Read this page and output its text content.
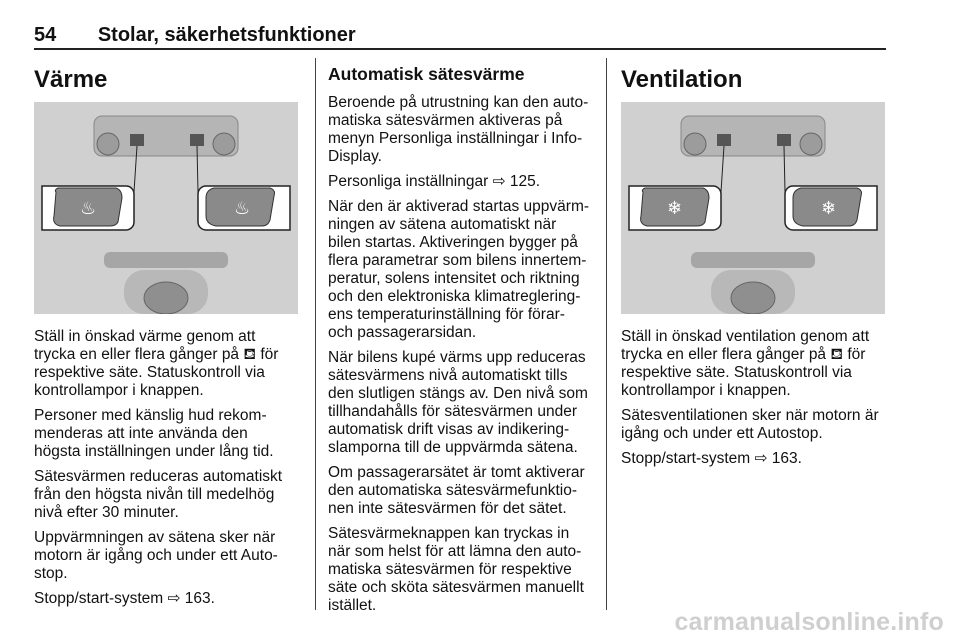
54 Stolar, säkerhetsfunktioner
Värme
♨	♨

Ställ in önskad värme genom att
trycka en eller flera gånger på ⛾ för
respektive säte. Statuskontroll via
kontrollampor i knappen.

Personer med känslig hud rekom-
menderas att inte använda den
högsta inställningen under lång tid.

Sätesvärmen reduceras automatiskt
från den högsta nivån till medelhög
nivå efter 30 minuter.

Uppvärmningen av sätena sker när
motorn är igång och under ett Auto-
stop.

Stopp/start-system ⇨ 163.

Automatisk sätesvärme

Beroende på utrustning kan den auto-
matiska sätesvärmen aktiveras på
menyn Personliga inställningar i Info-
Display.

Personliga inställningar ⇨ 125.

När den är aktiverad startas uppvärm-
ningen av sätena automatiskt när
bilen startas. Aktiveringen bygger på
flera parametrar som bilens innertem-
peratur, solens intensitet och riktning
och den elektroniska klimatreglering-
ens temperaturinställning för förar-
och passagerarsidan.

När bilens kupé värms upp reduceras
sätesvärmens nivå automatiskt tills
den slutligen stängs av. Den nivå som
tillhandahålls för sätesvärmen under
automatisk drift visas av indikering-
slamporna till de uppvärmda sätena.

Om passagerarsätet är tomt aktiverar
den automatiska sätesvärmefunktio-
nen inte sätesvärmen för det sätet.

Sätesvärmeknappen kan tryckas in
när som helst för att lämna den auto-
matiska sätesvärmen för respektive
säte och sköta sätesvärmen manuellt
istället.

Ventilation
❄	❄

Ställ in önskad ventilation genom att
trycka en eller flera gånger på ⛾ för
respektive säte. Statuskontroll via
kontrollampor i knappen.

Sätesventilationen sker när motorn är
igång och under ett Autostop.

Stopp/start-system ⇨ 163.

carmanualsonline.info
